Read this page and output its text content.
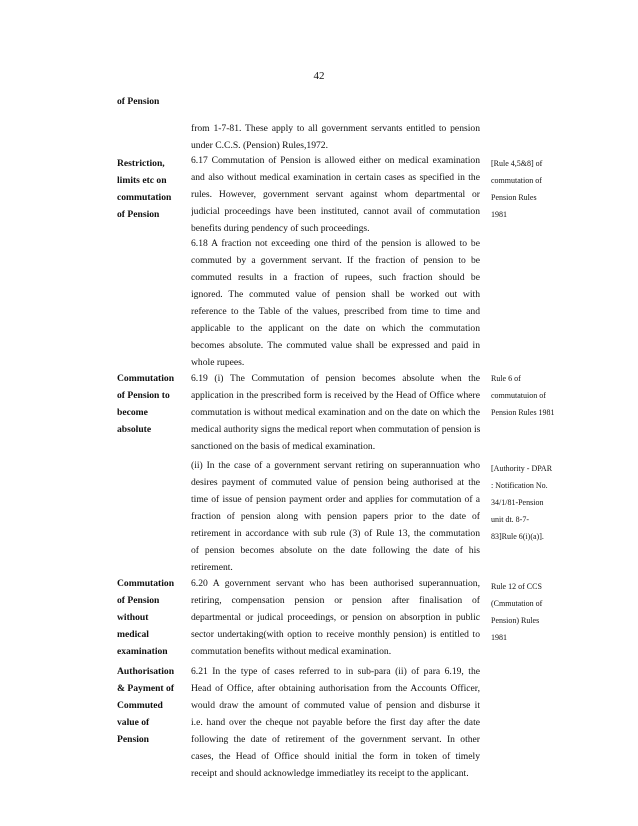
42
of Pension
from 1-7-81. These apply to all government servants entitled to pension
under C.C.S. (Pension) Rules,1972.
Restriction,
limits etc on
commutation
of Pension
6.17 Commutation of Pension is allowed either on medical examination
and also without medical examination in certain cases as specified in the
rules. However, government servant against whom departmental or
judicial proceedings have been instituted, cannot avail of commutation
benefits during pendency of such proceedings.
[Rule 4,5&8] of
commutation of
Pension Rules
1981
6.18 A fraction not exceeding one third of the pension is allowed to be
commuted by a government servant. If the fraction of pension to be
commuted results in a fraction of rupees, such fraction should be
ignored. The commuted value of pension shall be worked out with
reference to the Table of the values, prescribed from time to time and
applicable to the applicant on the date on which the commutation
becomes absolute. The commuted value shall be expressed and paid in
whole rupees.
Commutation
of Pension to
become
absolute
6.19 (i) The Commutation of pension becomes absolute when the
application in the prescribed form is received by the Head of Office where
commutation is without medical examination and on the date on which the
medical authority signs the medical report when commutation of pension is
sanctioned on the basis of medical examination.
Rule 6 of
commutatuion of
Pension Rules 1981
(ii) In the case of a government servant retiring on superannuation who
desires payment of commuted value of pension being authorised at the
time of issue of pension payment order and applies for commutation of a
fraction of pension along with pension papers prior to the date of
retirement in accordance with sub rule (3) of Rule 13, the commutation
of pension becomes absolute on the date following the date of his
retirement.
[Authority - DPAR
: Notification No.
34/1/81-Pension
unit dt. 8-7-
83]Rule 6(i)(a)].
Commutation
of Pension
without
medical
examination
6.20 A government servant who has been authorised superannuation,
retiring, compensation pension or pension after finalisation of
departmental or judical proceedings, or pension on absorption in public
sector undertaking(with option to receive monthly pension) is entitled to
commutation benefits without medical examination.
Rule 12 of CCS
(Cmmutation of
Pension) Rules
1981
Authorisation
& Payment of
Commuted
value of
Pension
6.21 In the type of cases referred to in sub-para (ii) of para 6.19, the
Head of Office, after obtaining authorisation from the Accounts Officer,
would draw the amount of commuted value of pension and disburse it
i.e. hand over the cheque not payable before the first day after the date
following the date of retirement of the government servant. In other
cases, the Head of Office should initial the form in token of timely
receipt and should acknowledge immediatley its receipt to the applicant.
